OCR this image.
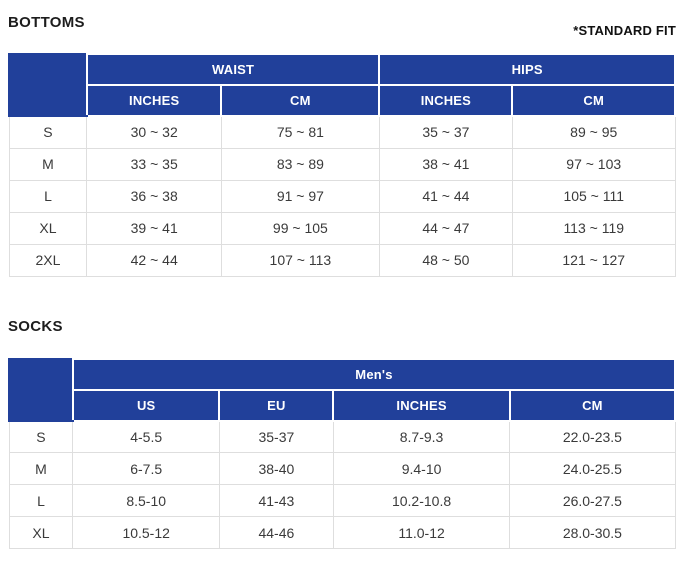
BOTTOMS	*STANDARD FIT
	WAIST		HIPS	
	INCHES	CM	INCHES	CM
S	30 ~ 32	75 ~ 81	35 ~ 37	89 ~ 95
M	33 ~ 35	83 ~ 89	38 ~ 41	97 ~ 103
L	36 ~ 38	91 ~ 97	41 ~ 44	105 ~ 111
XL	39 ~ 41	99 ~ 105	44 ~ 47	113 ~ 119
2XL	42 ~ 44	107 ~ 113	48 ~ 50	121 ~ 127
SOCKS
	Men's			
	US	EU	INCHES	CM
S	4-5.5	35-37	8.7-9.3	22.0-23.5
M	6-7.5	38-40	9.4-10	24.0-25.5
L	8.5-10	41-43	10.2-10.8	26.0-27.5
XL	10.5-12	44-46	11.0-12	28.0-30.5
